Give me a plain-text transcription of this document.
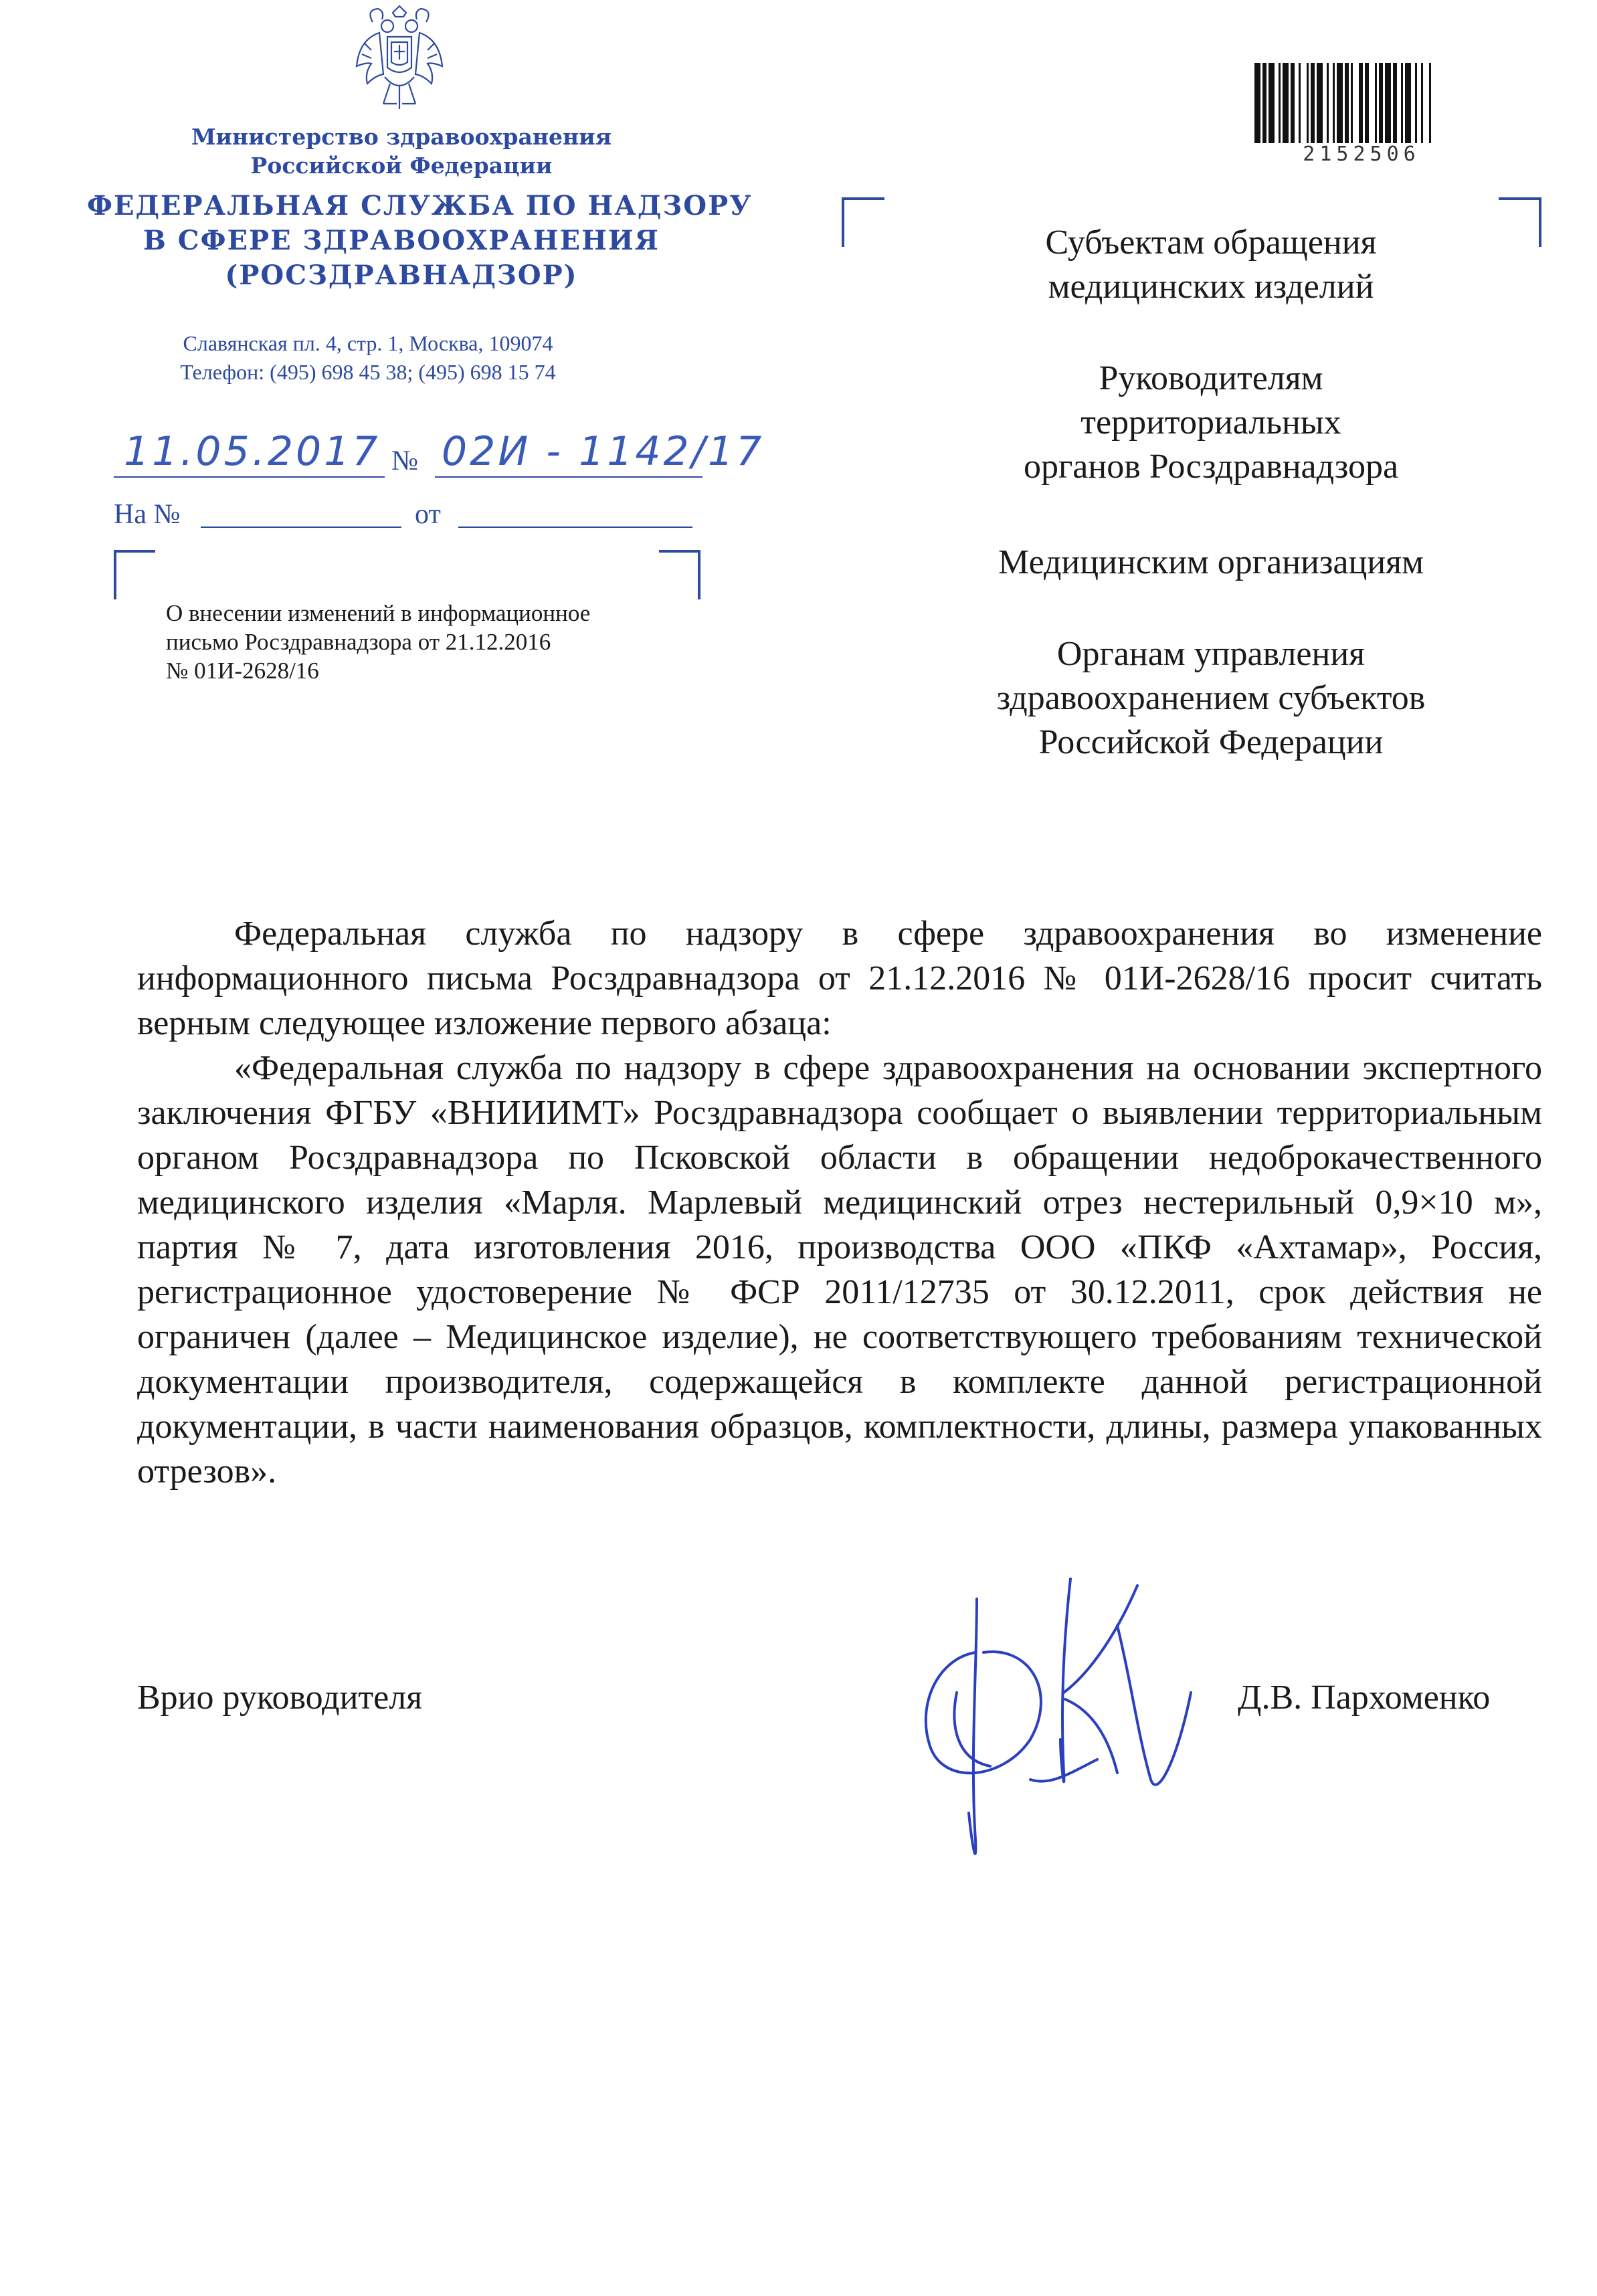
Министерство здравоохранения
Российской Федерации
ФЕДЕРАЛЬНАЯ СЛУЖБА ПО НАДЗОРУ
В СФЕРЕ ЗДРАВООХРАНЕНИЯ
(РОСЗДРАВНАДЗОР)
Славянская пл. 4, стр. 1, Москва, 109074
Телефон: (495) 698 45 38; (495) 698 15 74
11.05.2017 № 02И - 1142/17
На №	от
О внесении изменений в информационное
письмо Росздравнадзора от 21.12.2016
№ 01И-2628/16
2152506
Субъектам обращения
медицинских изделий
Руководителям
территориальных
органов Росздравнадзора
Медицинским организациям
Органам управления
здравоохранением субъектов
Российской Федерации

Федеральная служба по надзору в сфере здравоохранения во изменение информационного письма Росздравнадзора от 21.12.2016 № 01И-2628/16 просит считать верным следующее изложение первого абзаца:

«Федеральная служба по надзору в сфере здравоохранения на основании экспертного заключения ФГБУ «ВНИИИМТ» Росздравнадзора сообщает о выявлении территориальным органом Росздравнадзора по Псковской области в обращении недоброкачественного медицинского изделия «Марля. Марлевый медицинский отрез нестерильный 0,9×10 м», партия № 7, дата изготовления 2016, производства ООО «ПКФ «Ахтамар», Россия, регистрационное удостоверение № ФСР 2011/12735 от 30.12.2011, срок действия не ограничен (далее – Медицинское изделие), не соответствующего требованиям технической документации производителя, содержащейся в комплекте данной регистрационной документации, в части наименования образцов, комплектности, длины, размера упакованных отрезов».

Врио руководителя	Д.В. Пархоменко
